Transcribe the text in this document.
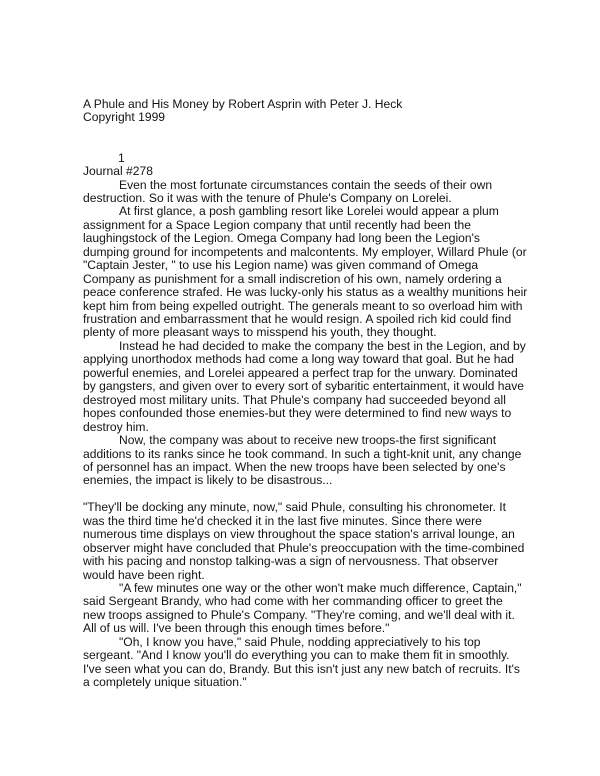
A Phule and His Money by Robert Asprin with Peter J. Heck
Copyright 1999
1
Journal #278
Even the most fortunate circumstances contain the seeds of their own
destruction. So it was with the tenure of Phule's Company on Lorelei.
At first glance, a posh gambling resort like Lorelei would appear a plum
assignment for a Space Legion company that until recently had been the
laughingstock of the Legion. Omega Company had long been the Legion's
dumping ground for incompetents and malcontents. My employer, Willard Phule (or
"Captain Jester, " to use his Legion name) was given command of Omega
Company as punishment for a small indiscretion of his own, namely ordering a
peace conference strafed. He was lucky-only his status as a wealthy munitions heir
kept him from being expelled outright. The generals meant to so overload him with
frustration and embarrassment that he would resign. A spoiled rich kid could find
plenty of more pleasant ways to misspend his youth, they thought.
Instead he had decided to make the company the best in the Legion, and by
applying unorthodox methods had come a long way toward that goal. But he had
powerful enemies, and Lorelei appeared a perfect trap for the unwary. Dominated
by gangsters, and given over to every sort of sybaritic entertainment, it would have
destroyed most military units. That Phule's company had succeeded beyond all
hopes confounded those enemies-but they were determined to find new ways to
destroy him.
Now, the company was about to receive new troops-the first significant
additions to its ranks since he took command. In such a tight-knit unit, any change
of personnel has an impact. When the new troops have been selected by one's
enemies, the impact is likely to be disastrous...
"They'll be docking any minute, now," said Phule, consulting his chronometer. It
was the third time he'd checked it in the last five minutes. Since there were
numerous time displays on view throughout the space station's arrival lounge, an
observer might have concluded that Phule's preoccupation with the time-combined
with his pacing and nonstop talking-was a sign of nervousness. That observer
would have been right.
"A few minutes one way or the other won't make much difference, Captain,"
said Sergeant Brandy, who had come with her commanding officer to greet the
new troops assigned to Phule's Company. "They're coming, and we'll deal with it.
All of us will. I've been through this enough times before."
"Oh, I know you have," said Phule, nodding appreciatively to his top
sergeant. "And I know you'll do everything you can to make them fit in smoothly.
I've seen what you can do, Brandy. But this isn't just any new batch of recruits. It's
a completely unique situation."
